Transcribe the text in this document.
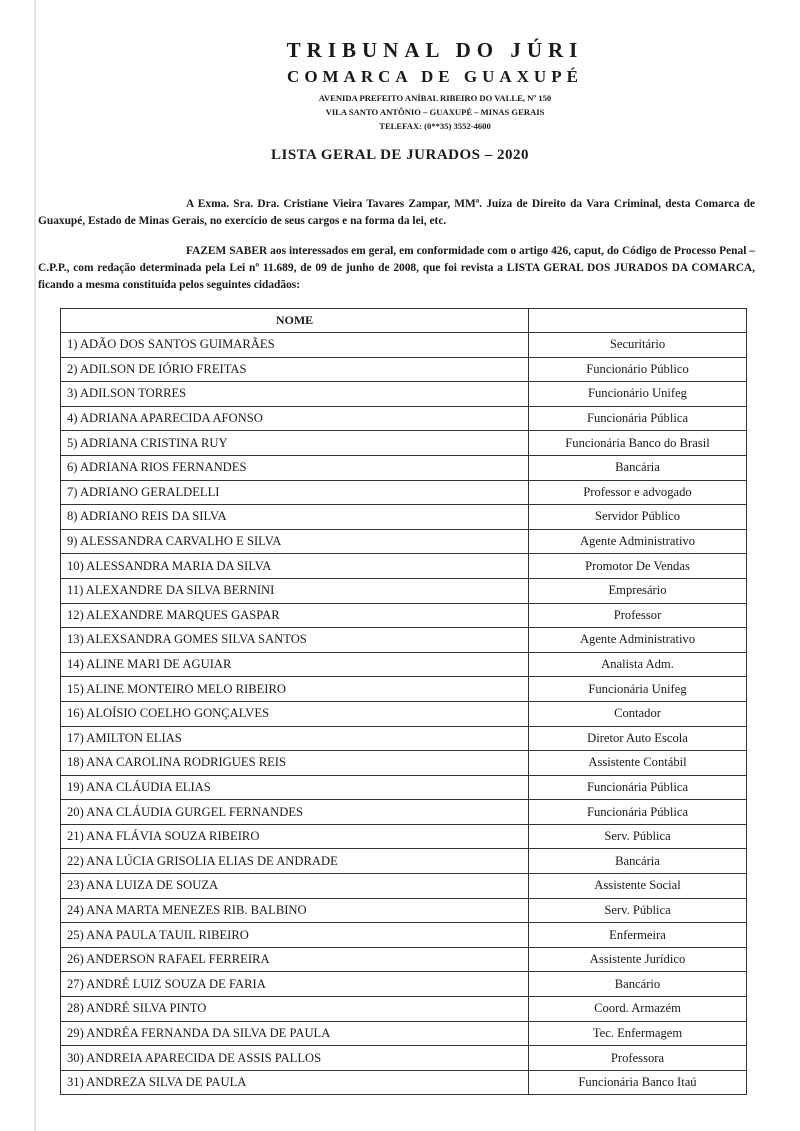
TRIBUNAL DO JÚRI
COMARCA DE GUAXUPÉ
AVENIDA PREFEITO ANÍBAL RIBEIRO DO VALLE, Nº 150
VILA SANTO ANTÔNIO – GUAXUPÉ – MINAS GERAIS
TELEFAX: (0**35) 3552-4600
LISTA GERAL DE JURADOS – 2020
A Exma. Sra. Dra. Cristiane Vieira Tavares Zampar, MMª. Juíza de Direito da Vara Criminal, desta Comarca de Guaxupé, Estado de Minas Gerais, no exercício de seus cargos e na forma da lei, etc.
FAZEM SABER aos interessados em geral, em conformidade com o artigo 426, caput, do Código de Processo Penal – C.P.P., com redação determinada pela Lei nº 11.689, de 09 de junho de 2008, que foi revista a LISTA GERAL DOS JURADOS DA COMARCA, ficando a mesma constituída pelos seguintes cidadãos:
NOME	
1) ADÃO DOS SANTOS GUIMARÃES	Securitário
2) ADILSON DE IÓRIO FREITAS	Funcionário Público
3) ADILSON TORRES	Funcionário Unifeg
4) ADRIANA APARECIDA AFONSO	Funcionária Pública
5) ADRIANA CRISTINA RUY	Funcionária Banco do Brasil
6) ADRIANA RIOS FERNANDES	Bancária
7) ADRIANO GERALDELLI	Professor e advogado
8) ADRIANO REIS DA SILVA	Servidor Público
9) ALESSANDRA CARVALHO E SILVA	Agente Administrativo
10) ALESSANDRA MARIA DA SILVA	Promotor De Vendas
11) ALEXANDRE DA SILVA BERNINI	Empresário
12) ALEXANDRE MARQUES GASPAR	Professor
13) ALEXSANDRA GOMES SILVA SANTOS	Agente Administrativo
14) ALINE MARI DE AGUIAR	Analista Adm.
15) ALINE MONTEIRO MELO RIBEIRO	Funcionária Unifeg
16) ALOÍSIO COELHO GONÇALVES	Contador
17) AMILTON ELIAS	Diretor Auto Escola
18) ANA CAROLINA RODRIGUES REIS	Assistente Contábil
19) ANA CLÁUDIA ELIAS	Funcionária Pública
20) ANA CLÁUDIA GURGEL FERNANDES	Funcionária Pública
21) ANA FLÁVIA SOUZA RIBEIRO	Serv. Pública
22) ANA LÚCIA GRISOLIA ELIAS DE ANDRADE	Bancária
23) ANA LUIZA DE SOUZA	Assistente Social
24) ANA MARTA MENEZES RIB. BALBINO	Serv. Pública
25) ANA PAULA TAUIL RIBEIRO	Enfermeira
26) ANDERSON RAFAEL FERREIRA	Assistente Jurídico
27) ANDRÉ LUIZ SOUZA DE FARIA	Bancário
28) ANDRÉ SILVA PINTO	Coord. Armazém
29) ANDRÉA FERNANDA DA SILVA DE PAULA	Tec. Enfermagem
30) ANDREIA APARECIDA DE ASSIS PALLOS	Professora
31) ANDREZA SILVA DE PAULA	Funcionária Banco Itaú
